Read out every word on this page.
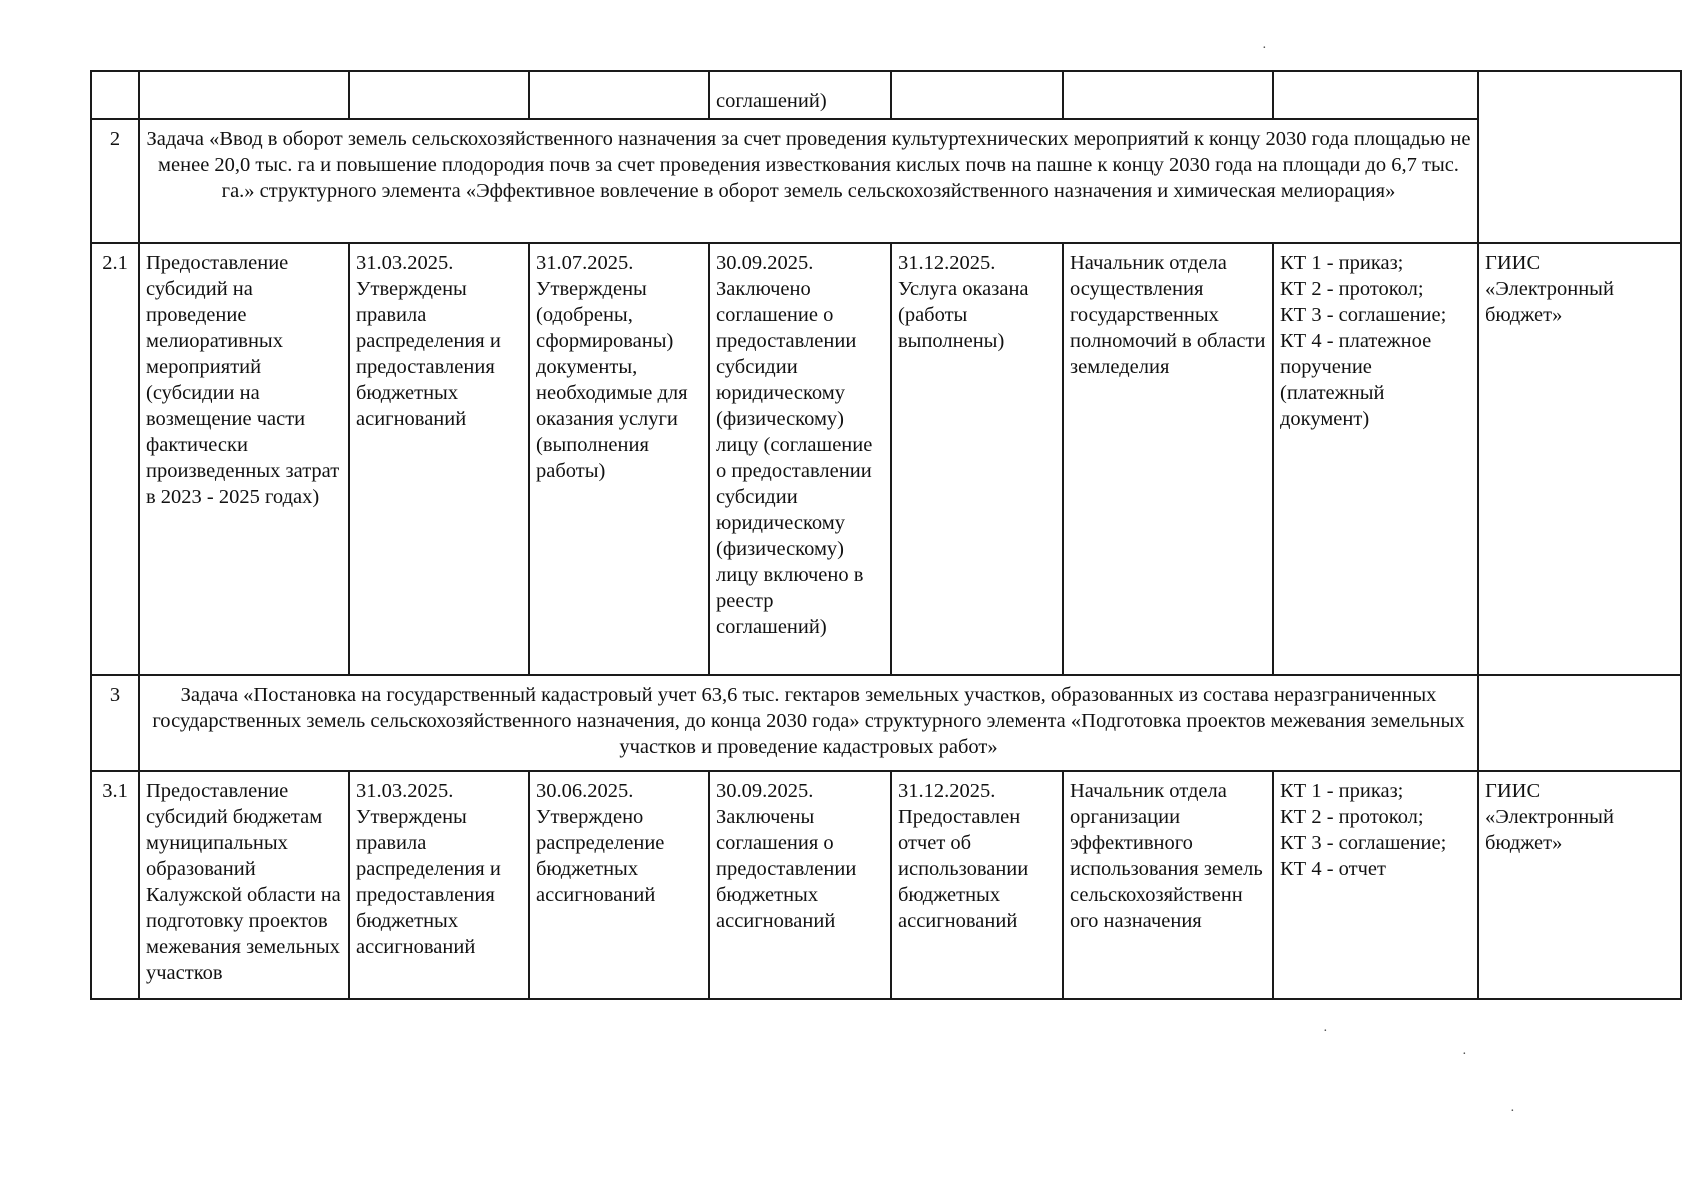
				соглашений)				
2	Задача «Ввод в оборот земель сельскохозяйственного назначения за счет проведения культуртехнических мероприятий к концу 2030 года площадью не менее 20,0 тыс. га и повышение плодородия почв за счет проведения известкования кислых почв на пашне к концу 2030 года на площади до 6,7 тыс. га.» структурного элемента «Эффективное вовлечение в оборот земель сельскохозяйственного назначения и химическая мелиорация»							
2.1	Предоставление субсидий на проведение мелиоративных мероприятий (субсидии на возмещение части фактически произведенных затрат в 2023 - 2025 годах)	31.03.2025. Утверждены правила распределения и предоставления бюджетных асигнований	31.07.2025. Утверждены (одобрены, сформированы) документы, необходимые для оказания услуги (выполнения работы)	30.09.2025. Заключено соглашение о предоставлении субсидии юридическому (физическому) лицу (соглашение о предоставлении субсидии юридическому (физическому) лицу включено в реестр соглашений)	31.12.2025. Услуга оказана (работы выполнены)	Начальник отдела осуществления государственных полномочий в области земледелия	КТ 1 - приказ;
КТ 2 - протокол;
КТ 3 - соглашение;
КТ 4 - платежное поручение (платежный документ)	ГИИС «Электронный бюджет»
3	Задача «Постановка на государственный кадастровый учет 63,6 тыс. гектаров земельных участков, образованных из состава неразграниченных государственных земель сельскохозяйственного назначения, до конца 2030 года» структурного элемента «Подготовка проектов межевания земельных участков и проведение кадастровых работ»							
3.1	Предоставление субсидий бюджетам муниципальных образований Калужской области на подготовку проектов межевания земельных участков	31.03.2025. Утверждены правила распределения и предоставления бюджетных ассигнований	30.06.2025. Утверждено распределение бюджетных ассигнований	30.09.2025. Заключены соглашения о предоставлении бюджетных ассигнований	31.12.2025. Предоставлен отчет об использовании бюджетных ассигнований	Начальник отдела организации эффективного использования земель сельскохозяйственн ого назначения	КТ 1 - приказ;
КТ 2 - протокол;
КТ 3 - соглашение;
КТ 4 - отчет	ГИИС «Электронный бюджет»
·
·
·
·
